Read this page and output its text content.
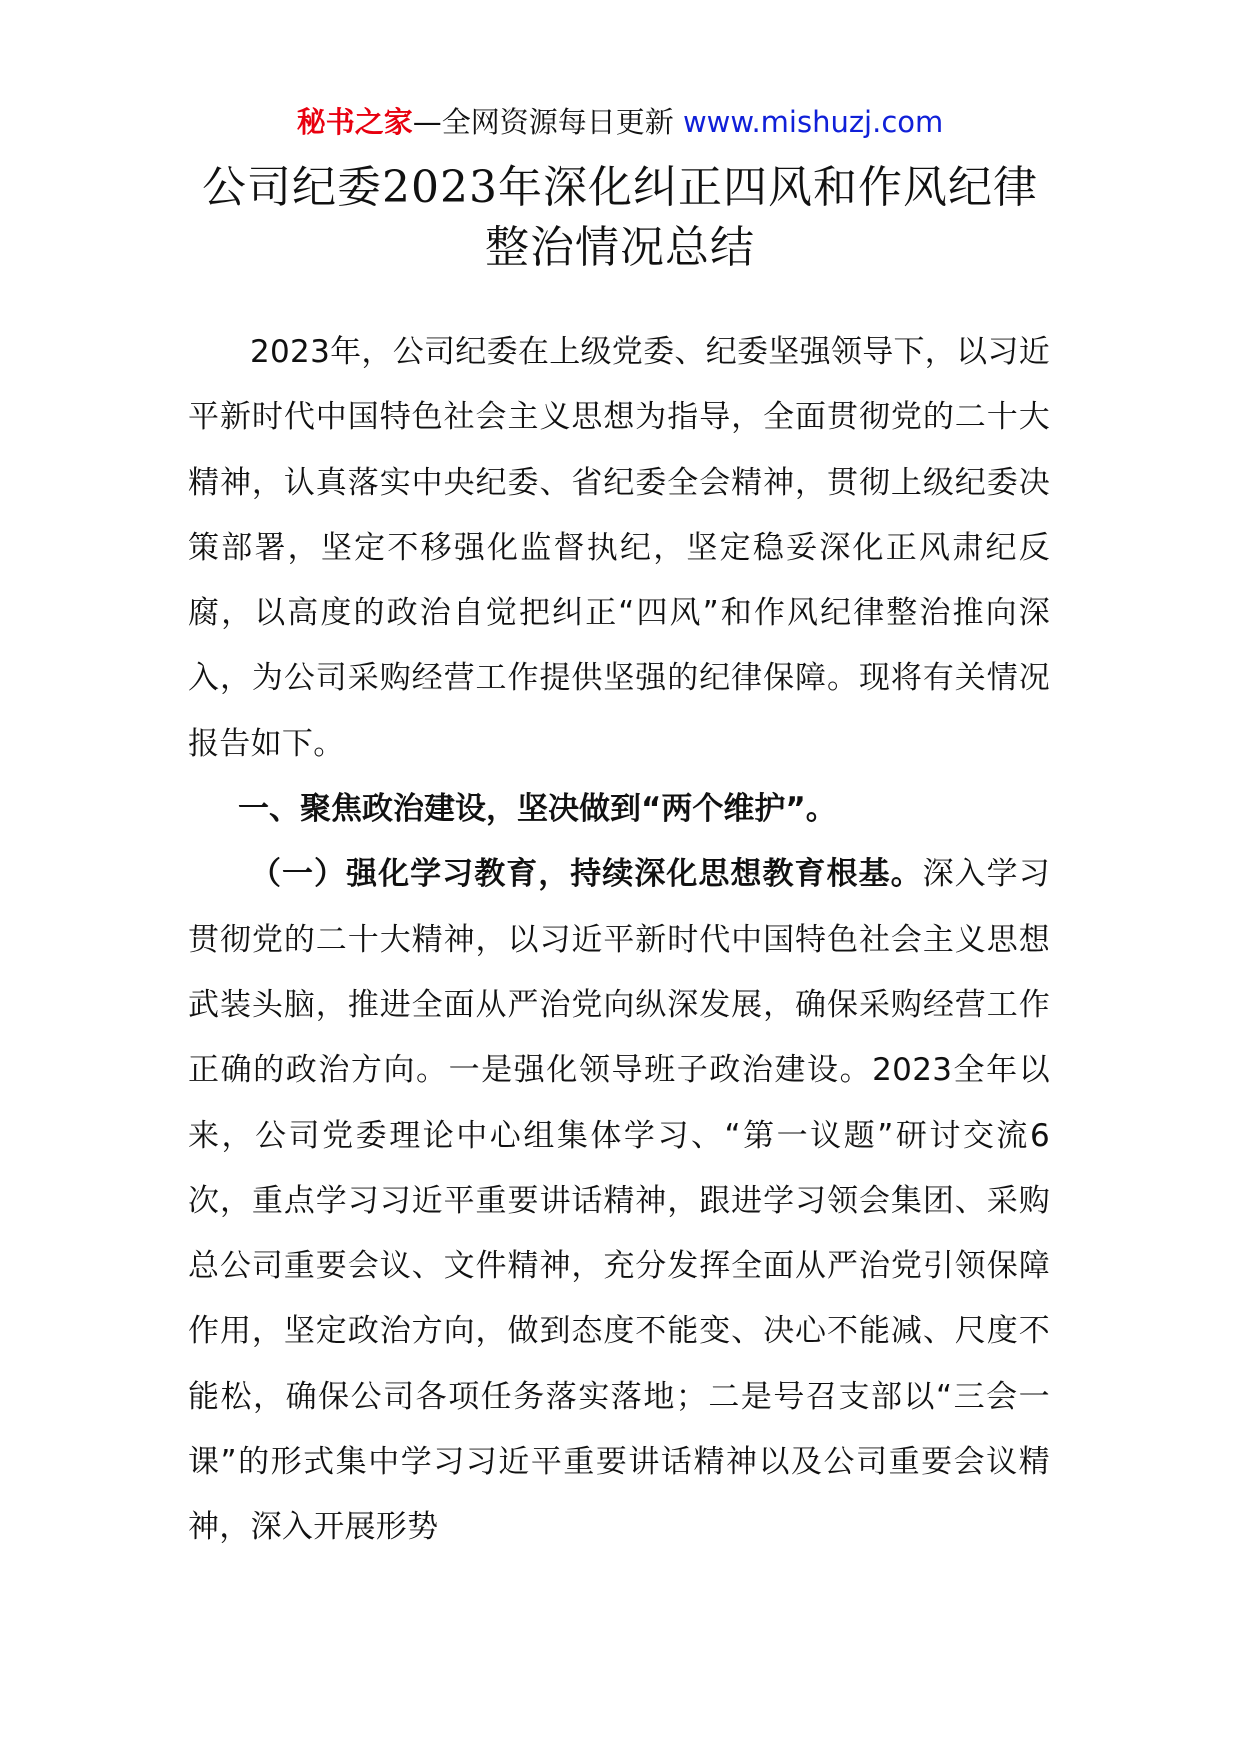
秘书之家—全网资源每日更新 www.mishuzj.com
公司纪委2023年深化纠正四风和作风纪律
整治情况总结

2023年，公司纪委在上级党委、纪委坚强领导下，以习近平新时代中国特色社会主义思想为指导，全面贯彻党的二十大精神，认真落实中央纪委、省纪委全会精神，贯彻上级纪委决策部署，坚定不移强化监督执纪，坚定稳妥深化正风肃纪反腐，以高度的政治自觉把纠正“四风”和作风纪律整治推向深入，为公司采购经营工作提供坚强的纪律保障。现将有关情况报告如下。

一、聚焦政治建设，坚决做到“两个维护”。

（一）强化学习教育，持续深化思想教育根基。深入学习贯彻党的二十大精神，以习近平新时代中国特色社会主义思想武装头脑，推进全面从严治党向纵深发展，确保采购经营工作正确的政治方向。一是强化领导班子政治建设。2023全年以来，公司党委理论中心组集体学习、“第一议题”研讨交流6次，重点学习习近平重要讲话精神，跟进学习领会集团、采购总公司重要会议、文件精神，充分发挥全面从严治党引领保障作用，坚定政治方向，做到态度不能变、决心不能减、尺度不能松，确保公司各项任务落实落地；二是号召支部以“三会一课”的形式集中学习习近平重要讲话精神以及公司重要会议精神，深入开展形势
